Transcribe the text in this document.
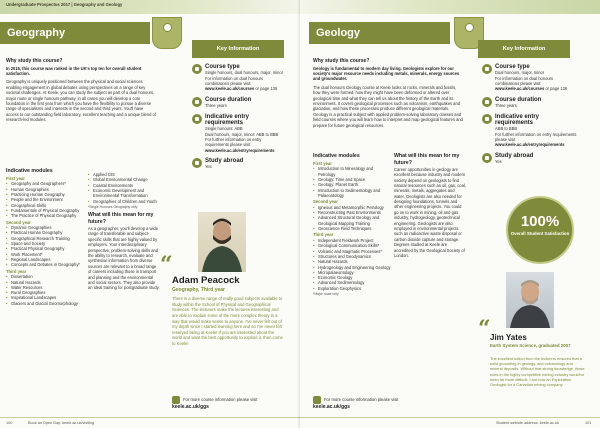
Undergraduate Prospectus 2017 | Geography and Geology
Geography
Key Information
Why study this course?

In 2015, this course was ranked in the UK's top ten for overall student satisfaction.

Geography is uniquely positioned between the physical and social sciences enabling engagement in global debates using perspectives on a range of key societal challenges. At Keele, you can study the subject as part of a dual honours, major route or single honours pathway, in all cases you will develop a core foundation in the first year from which you have the flexibility to pursue a diverse range of specialisms and interests in the second and third years. You'll have access to our outstanding field laboratory, excellent teaching and a unique blend of research-led modules.

Indicative modules
First year
• Geography and Geographers*
• Human Geographies
• Practicing Human Geography
• People and the Environment
• Geographical Skills
• Fundamentals of Physical Geography
• The Practice of Physical Geography
Second year
• Dynamic Geographies
• Practical Human Geography
• Geographical Research Training
• Space and Society
• Practical Physical Geography
• Work Placement*
• Regional Landscapes
• Concepts and Debates in Geography*
Third year
• Dissertation
• Natural Hazards
• Water Resources
• Rural Geographies
• Inspirational Landscapes
• Glaciers and Glacial Geomorphology
• Applied GIS
• Global Environmental Change
• Coastal Environments
• Economic Development and Environmental Transformation
• Geographies of Children and Youth
*Single Honours Geography only
What will this mean for my future?

As a geographer, you'll develop a wide range of transferable and subject-specific skills that are highly valued by employers. Your interdisciplinary perspective, problem-solving skills and the ability to research, evaluate and synthesise information from diverse sources are relevant to a broad range of careers including those in transport and planning and the environmental and social sectors. They also provide an ideal training for postgraduate study.

Course type
Single honours, dual honours, major, minor
For information on dual honours combinations please visit
www.keele.ac.uk/courses or page 136
Course duration
Three years
Indicative entry requirements
Single honours: ABB
Dual honours, major, minor: ABB to BBB
For further information on entry requirements please visit
www.keele.ac.uk/entryrequirements
Study abroad
Yes
“
Adam Peacock
Geography, Third year
There is a diverse range of really good subjects available to study within the School of Physical and Geographical Sciences. The lecturers make the lectures interesting and are able to explain some of the more complex theory in a way that would make sense to anyone. I've never felt out of my depth since I started learning here and so I've never felt reserved being at Keele! If you are interested about the world and want the best opportunity to explore it, then come to Keele!
For more course information please visit
keele.ac.uk/ggs
100	Book an Open Day: keele.ac.uk/visiting
Geology
Key Information
Why study this course?

Geology is fundamental to modern day living. Geologists explore for our society's major resource needs including metals, minerals, energy sources and groundwater.

The dual honours Geology course at Keele looks at rocks, minerals and fossils, how they were formed, how they might have been deformed or altered over geological time and what they can tell us about the history of the Earth and its environment. It covers geological processes such as volcanism, earthquakes and glaciation, and how these processes produce different geological materials. Geology is a practical subject with applied problem-solving laboratory classes and field courses where you will learn how to interpret and map geological features and prepare for future geological resources.

Indicative modules
First year
• Introduction to Mineralogy and Petrology
• Geology: Time and Space
• Geology: Planet Earth
• Introduction to Sedimentology and Palaeontology
Second year
• Igneous and Metamorphic Petrology
• Reconstructing Past Environments
• Advanced Structural Geology and Geological Mapping Training
• Geoscience Field Techniques
Third year
• Independent Fieldwork Project
• Geological Communication Skills*
• Volcanic and Magmatic Processes*
• Structures and Geodynamics
• Natural Hazards
• Hydrogeology and Engineering Geology
• Micropalaeontology
• Economic Geology
• Advanced Sedimentology
• Exploration Geophysics
*Major route only
What will this mean for my future?

Career opportunities in geology are excellent because industry and modern society depend on geologists to find natural resources such as oil, gas, coal, minerals, metals, aggregates and water. Geologists are also needed for designing foundations, tunnels and other engineering projects. You could go on to work in mining, oil and gas industry, hydrogeology, geotechnical engineering. Geologists are also employed in environmental projects such as radioactive waste disposal or carbon dioxide capture and storage. Degrees studied at Keele are accredited by the Geological Society of London.

Course type
Dual honours, major, minor
For information on dual honours combinations please visit
www.keele.ac.uk/courses or page 136
Course duration
Three years
Indicative entry requirements
ABB to BBB
For further information on entry requirements please visit
www.keele.ac.uk/entryrequirements
Study abroad
Yes
100%
Overall Student Satisfaction
“ Jim Yates
Earth System Science, graduated 2007
The excellent tuition from the lecturers ensured that a solid grounding in geology, and volcanology and mineral deposits. Without that strong knowledge, those roles in the highly competitive mining industry would've been far more difficult. I am now an Exploration Geologist for a Canadian mining company.
For more course information please visit
keele.ac.uk/ggs
Student website address: keele.ac.uk	101
